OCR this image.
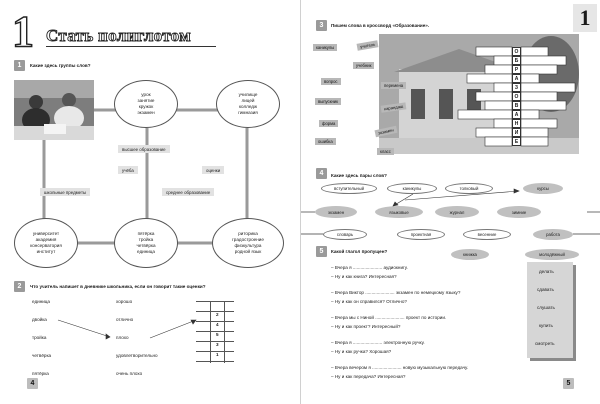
1 Стать полиглотом
1	Какие здесь группы слов?
урок
занятие
кружок
экзамен
училище
лицей
колледж
гимназия
высшее образование
учёба	оценки
школьные предметы	среднее образование
университет
академия
консерватория
институт
пятёрка
тройка
четвёрка
единица
риторика
градостроение
физкультура
родной язык
2	Что учитель напишет в дневнике школьника, если он говорит такие оценки?
единица
двойка
тройка
четвёрка
пятёрка
хорошо
отлично
плохо
удовлетворительно
очень плохо
2
4
5
3
1
4
1
3	Пишем слова в кроссворд «Образование».
О
Б
Р
А
З
О
В
А
Н
И
Е
каникулы	учитель
учебник
вопрос
перемена
выпускник
карандаш
форма
экзамен
ошибка
класс
4	Какие здесь пары слов?
вступительный	каникулы	толковый	курсы
экзамен	языковые	журнал	зимние
словарь	проектная	весенние	работа
5	Какой глагол пропущен?
книжка	молодёжный
– Вчера я ....................... аудиокнигу.
– Ну и как книга? Интересная?
– Вчера Виктор ....................... экзамен по немецкому языку?
– Ну и как он справился? Отлично?
– Вчера мы с Ниной ....................... проект по истории.
– Ну и как проект? Интересный?
– Вчера я ....................... электронную ручку.
– Ну и как ручка? Хорошая?
– Вчера вечером я ....................... новую музыкальную передачу.
– Ну и как передача? Интересная?
делать
сдавать
слушать
купить
смотреть
5
